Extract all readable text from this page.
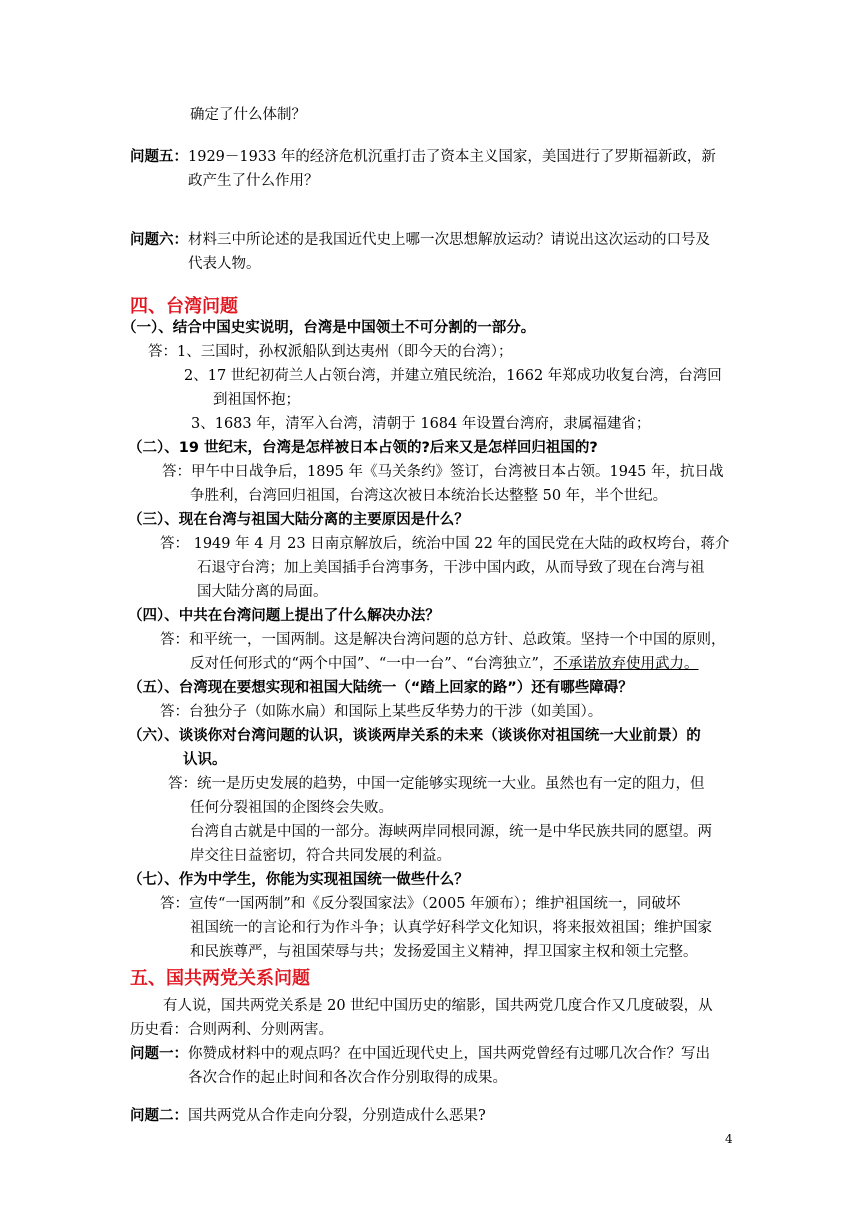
确定了什么体制？
问题五： 1929－1933 年的经济危机沉重打击了资本主义国家，美国进行了罗斯福新政，新
政产生了什么作用？
问题六： 材料三中所论述的是我国近代史上哪一次思想解放运动？请说出这次运动的口号及
代表人物。
四、台湾问题
（一）、结合中国史实说明，台湾是中国领土不可分割的一部分。
答：1、三国时，孙权派船队到达夷州（即今天的台湾）；
2、17 世纪初荷兰人占领台湾，并建立殖民统治，1662 年郑成功收复台湾，台湾回
到祖国怀抱；
3、1683 年，清军入台湾，清朝于 1684 年设置台湾府，隶属福建省；
（二）、19 世纪末，台湾是怎样被日本占领的?后来又是怎样回归祖国的?
答：甲午中日战争后，1895 年《马关条约》签订，台湾被日本占领。1945 年，抗日战
争胜利，台湾回归祖国，台湾这次被日本统治长达整整 50 年，半个世纪。
（三）、现在台湾与祖国大陆分离的主要原因是什么？
答： 1949 年 4 月 23 日南京解放后，统治中国 22 年的国民党在大陆的政权垮台，蒋介
石退守台湾；加上美国插手台湾事务，干涉中国内政，从而导致了现在台湾与祖
国大陆分离的局面。
（四）、中共在台湾问题上提出了什么解决办法？
答：和平统一，一国两制。这是解决台湾问题的总方针、总政策。坚持一个中国的原则，
反对任何形式的“两个中国”、“一中一台”、“台湾独立”，不承诺放弃使用武力。
（五）、台湾现在要想实现和祖国大陆统一（“踏上回家的路”）还有哪些障碍？
答：台独分子（如陈水扁）和国际上某些反华势力的干涉（如美国）。
（六）、谈谈你对台湾问题的认识，谈谈两岸关系的未来（谈谈你对祖国统一大业前景）的
认识。
答：统一是历史发展的趋势，中国一定能够实现统一大业。虽然也有一定的阻力，但
任何分裂祖国的企图终会失败。
台湾自古就是中国的一部分。海峡两岸同根同源，统一是中华民族共同的愿望。两
岸交往日益密切，符合共同发展的利益。
（七）、作为中学生，你能为实现祖国统一做些什么？
答：宣传“一国两制”和《反分裂国家法》（2005 年颁布）；维护祖国统一，同破坏
祖国统一的言论和行为作斗争；认真学好科学文化知识，将来报效祖国；维护国家
和民族尊严，与祖国荣辱与共；发扬爱国主义精神，捍卫国家主权和领土完整。
五、国共两党关系问题
有人说，国共两党关系是 20 世纪中国历史的缩影，国共两党几度合作又几度破裂，从
历史看：合则两利、分则两害。
问题一： 你赞成材料中的观点吗？在中国近现代史上，国共两党曾经有过哪几次合作？写出
各次合作的起止时间和各次合作分别取得的成果。
问题二： 国共两党从合作走向分裂，分别造成什么恶果?
4
